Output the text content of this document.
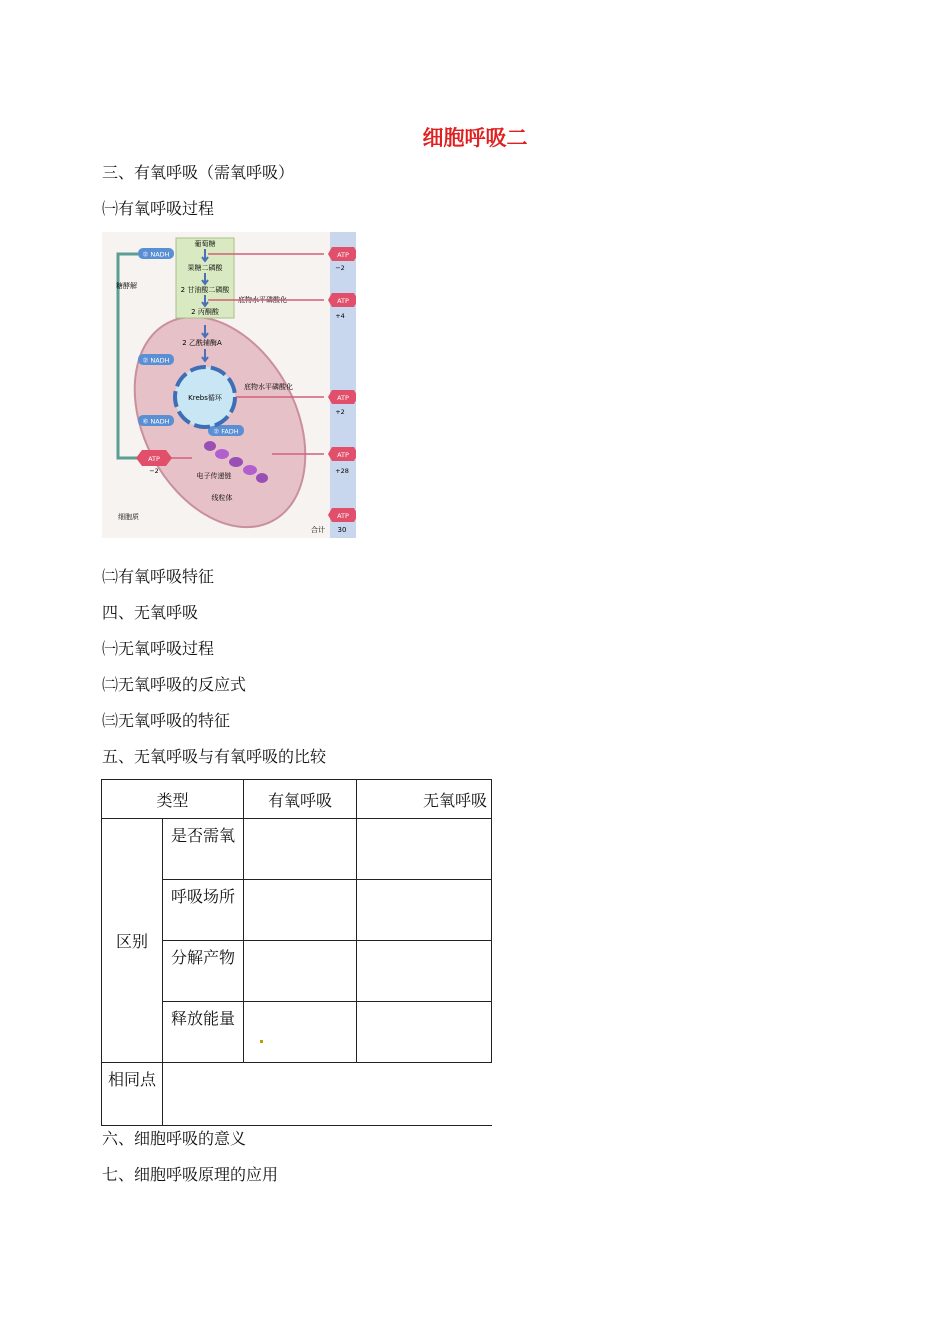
细胞呼吸二
三、有氧呼吸（需氧呼吸）
㈠有氧呼吸过程
② NADH
② NADH
⑥ NADH
② FADH
葡萄糖
果糖二磷酸
2 甘油酸二磷酸
2 丙酮酸
糖酵解
2 乙酰辅酶A
Krebs循环
电子传递链
线粒体
细胞质
底物水平磷酸化
底物水平磷酸化
ATP
−2
ATP
−2
ATP
+4
ATP
+2
ATP
+28
ATP
合计 30
㈡有氧呼吸特征
四、无氧呼吸
㈠无氧呼吸过程
㈡无氧呼吸的反应式
㈢无氧呼吸的特征
五、无氧呼吸与有氧呼吸的比较
类型		有氧呼吸	无氧呼吸
区别	是否需氧		
	呼吸场所		
	分解产物		
	释放能量	

相同点			
六、细胞呼吸的意义
七、细胞呼吸原理的应用
